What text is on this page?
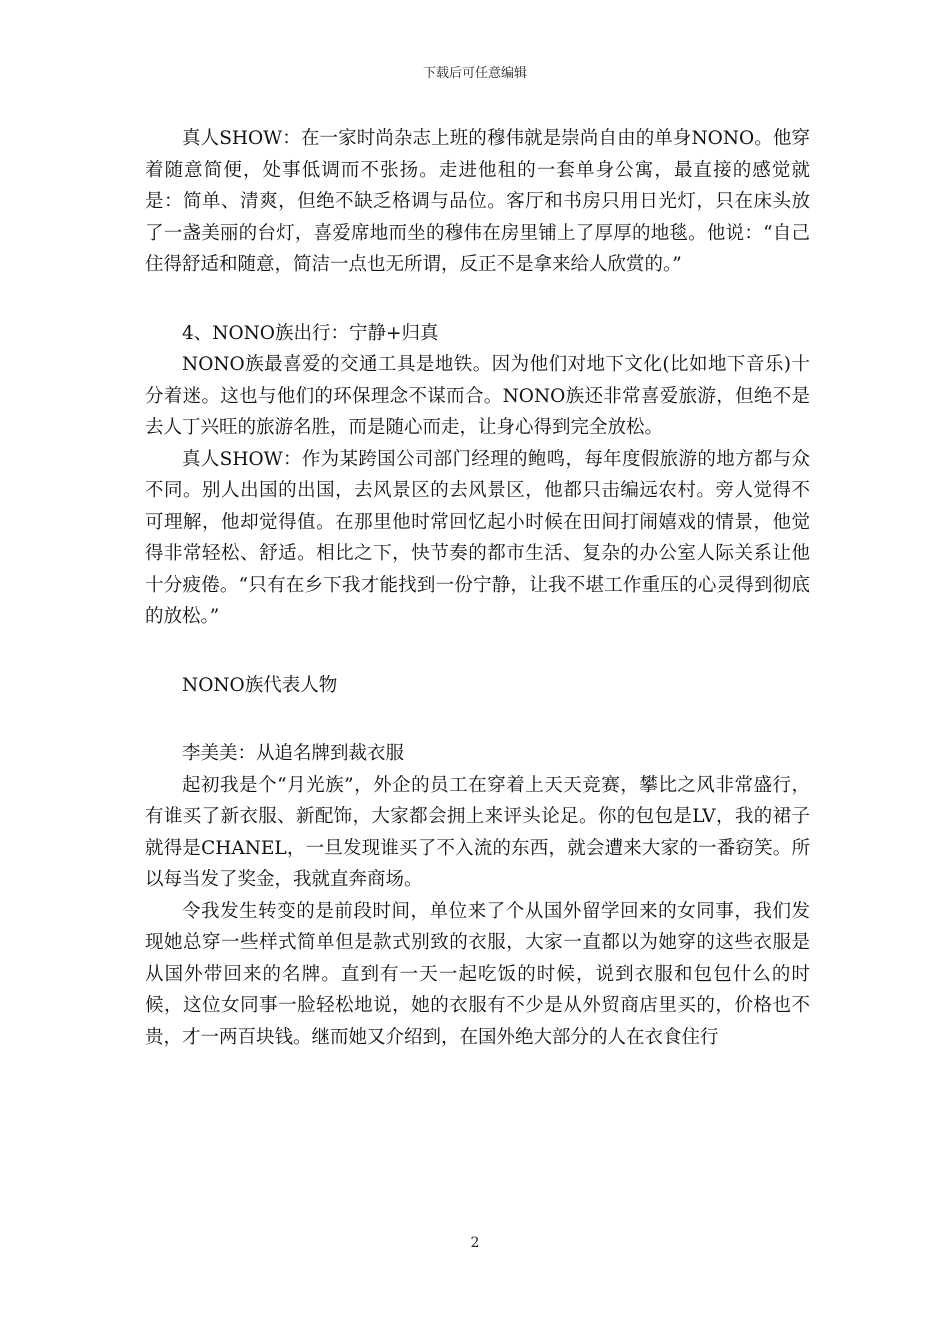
下载后可任意编辑

真人SHOW：在一家时尚杂志上班的穆伟就是崇尚自由的单身NONO。他穿着随意简便，处事低调而不张扬。走进他租的一套单身公寓，最直接的感觉就是：简单、清爽，但绝不缺乏格调与品位。客厅和书房只用日光灯，只在床头放了一盏美丽的台灯，喜爱席地而坐的穆伟在房里铺上了厚厚的地毯。他说：“自己住得舒适和随意，简洁一点也无所谓，反正不是拿来给人欣赏的。”

4、NONO族出行：宁静+归真

NONO族最喜爱的交通工具是地铁。因为他们对地下文化(比如地下音乐)十分着迷。这也与他们的环保理念不谋而合。NONO族还非常喜爱旅游，但绝不是去人丁兴旺的旅游名胜，而是随心而走，让身心得到完全放松。

真人SHOW：作为某跨国公司部门经理的鲍鸣，每年度假旅游的地方都与众不同。别人出国的出国，去风景区的去风景区，他都只击编远农村。旁人觉得不可理解，他却觉得值。在那里他时常回忆起小时候在田间打闹嬉戏的情景，他觉得非常轻松、舒适。相比之下，快节奏的都市生活、复杂的办公室人际关系让他十分疲倦。“只有在乡下我才能找到一份宁静，让我不堪工作重压的心灵得到彻底的放松。”

NONO族代表人物

李美美：从追名牌到裁衣服

起初我是个“月光族”，外企的员工在穿着上天天竞赛，攀比之风非常盛行，有谁买了新衣服、新配饰，大家都会拥上来评头论足。你的包包是LV，我的裙子就得是CHANEL，一旦发现谁买了不入流的东西，就会遭来大家的一番窃笑。所以每当发了奖金，我就直奔商场。

令我发生转变的是前段时间，单位来了个从国外留学回来的女同事，我们发现她总穿一些样式简单但是款式别致的衣服，大家一直都以为她穿的这些衣服是从国外带回来的名牌。直到有一天一起吃饭的时候，说到衣服和包包什么的时候，这位女同事一脸轻松地说，她的衣服有不少是从外贸商店里买的，价格也不贵，才一两百块钱。继而她又介绍到，在国外绝大部分的人在衣食住行

2
